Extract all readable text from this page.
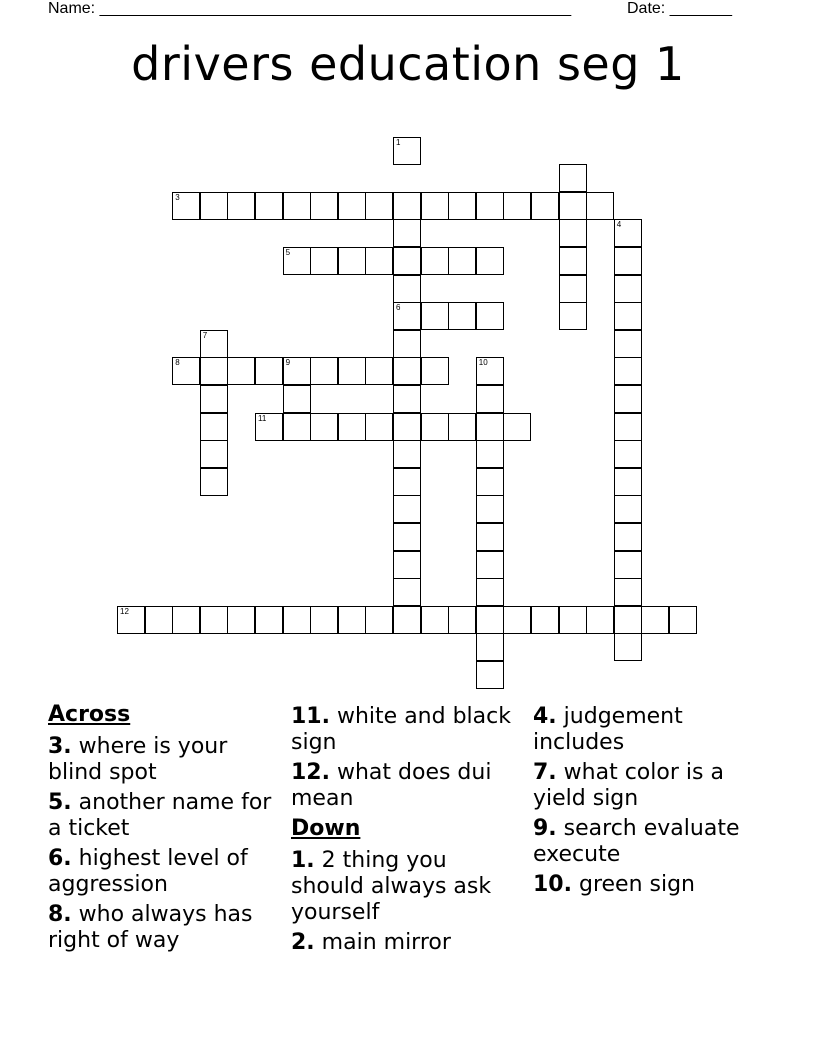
Name: _____________________________________________________	Date: _______
drivers education seg 1
1
3
4
5
6
7
8	9	10
11
12
Across
3. where is your blind spot
5. another name for a ticket
6. highest level of aggression
8. who always has right of way
11. white and black sign
12. what does dui mean
Down
1. 2 thing you should always ask yourself
2. main mirror
4. judgement includes
7. what color is a yield sign
9. search evaluate execute
10. green sign
